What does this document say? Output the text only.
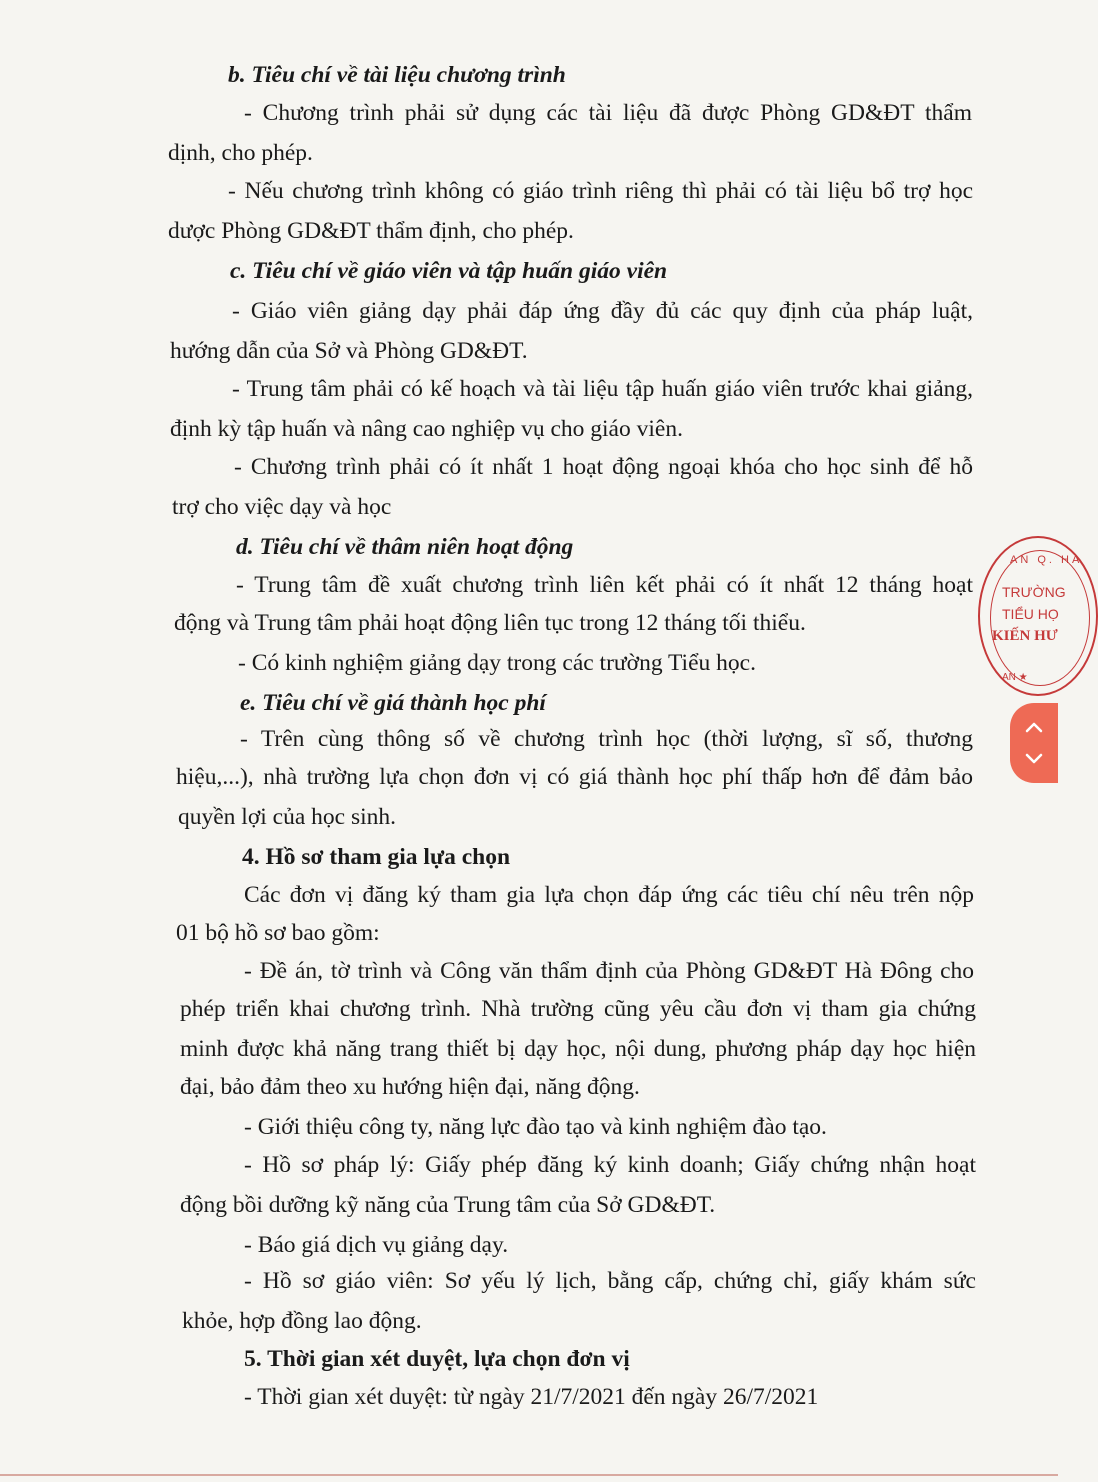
b. Tiêu chí về tài liệu chương trình

- Chương trình phải sử dụng các tài liệu đã được Phòng GD&ĐT thẩm

dịnh, cho phép.

- Nếu chương trình không có giáo trình riêng thì phải có tài liệu bổ trợ học

dược Phòng GD&ĐT thẩm định, cho phép.

c. Tiêu chí về giáo viên và tập huấn giáo viên

- Giáo viên giảng dạy phải đáp ứng đầy đủ các quy định của pháp luật,

hướng dẫn của Sở và Phòng GD&ĐT.

- Trung tâm phải có kế hoạch và tài liệu tập huấn giáo viên trước khai giảng,

định kỳ tập huấn và nâng cao nghiệp vụ cho giáo viên.

- Chương trình phải có ít nhất 1 hoạt động ngoại khóa cho học sinh để hỗ

trợ cho việc dạy và học

d. Tiêu chí về thâm niên hoạt động

- Trung tâm đề xuất chương trình liên kết phải có ít nhất 12 tháng hoạt

động và Trung tâm phải hoạt động liên tục trong 12 tháng tối thiểu.

- Có kinh nghiệm giảng dạy trong các trường Tiểu học.

e. Tiêu chí về giá thành học phí

- Trên cùng thông số về chương trình học (thời lượng, sĩ số, thương

hiệu,...), nhà trường lựa chọn đơn vị có giá thành học phí thấp hơn để đảm bảo

quyền lợi của học sinh.

4. Hồ sơ tham gia lựa chọn

Các đơn vị đăng ký tham gia lựa chọn đáp ứng các tiêu chí nêu trên nộp

01 bộ hồ sơ bao gồm:

- Đề án, tờ trình và Công văn thẩm định của Phòng GD&ĐT Hà Đông cho

phép triển khai chương trình. Nhà trường cũng yêu cầu đơn vị tham gia chứng

minh được khả năng trang thiết bị dạy học, nội dung, phương pháp dạy học hiện

đại, bảo đảm theo xu hướng hiện đại, năng động.

- Giới thiệu công ty, năng lực đào tạo và kinh nghiệm đào tạo.

- Hồ sơ pháp lý: Giấy phép đăng ký kinh doanh; Giấy chứng nhận hoạt

động bồi dưỡng kỹ năng của Trung tâm của Sở GD&ĐT.

- Báo giá dịch vụ giảng dạy.

- Hồ sơ giáo viên: Sơ yếu lý lịch, bằng cấp, chứng chỉ, giấy khám sức

khỏe, hợp đồng lao động.

5. Thời gian xét duyệt, lựa chọn đơn vị

- Thời gian xét duyệt: từ ngày 21/7/2021 đến ngày 26/7/2021

AN Q. HA
TRƯỜNG
TIỂU HỌ
KIẾN HƯ
AN ★
